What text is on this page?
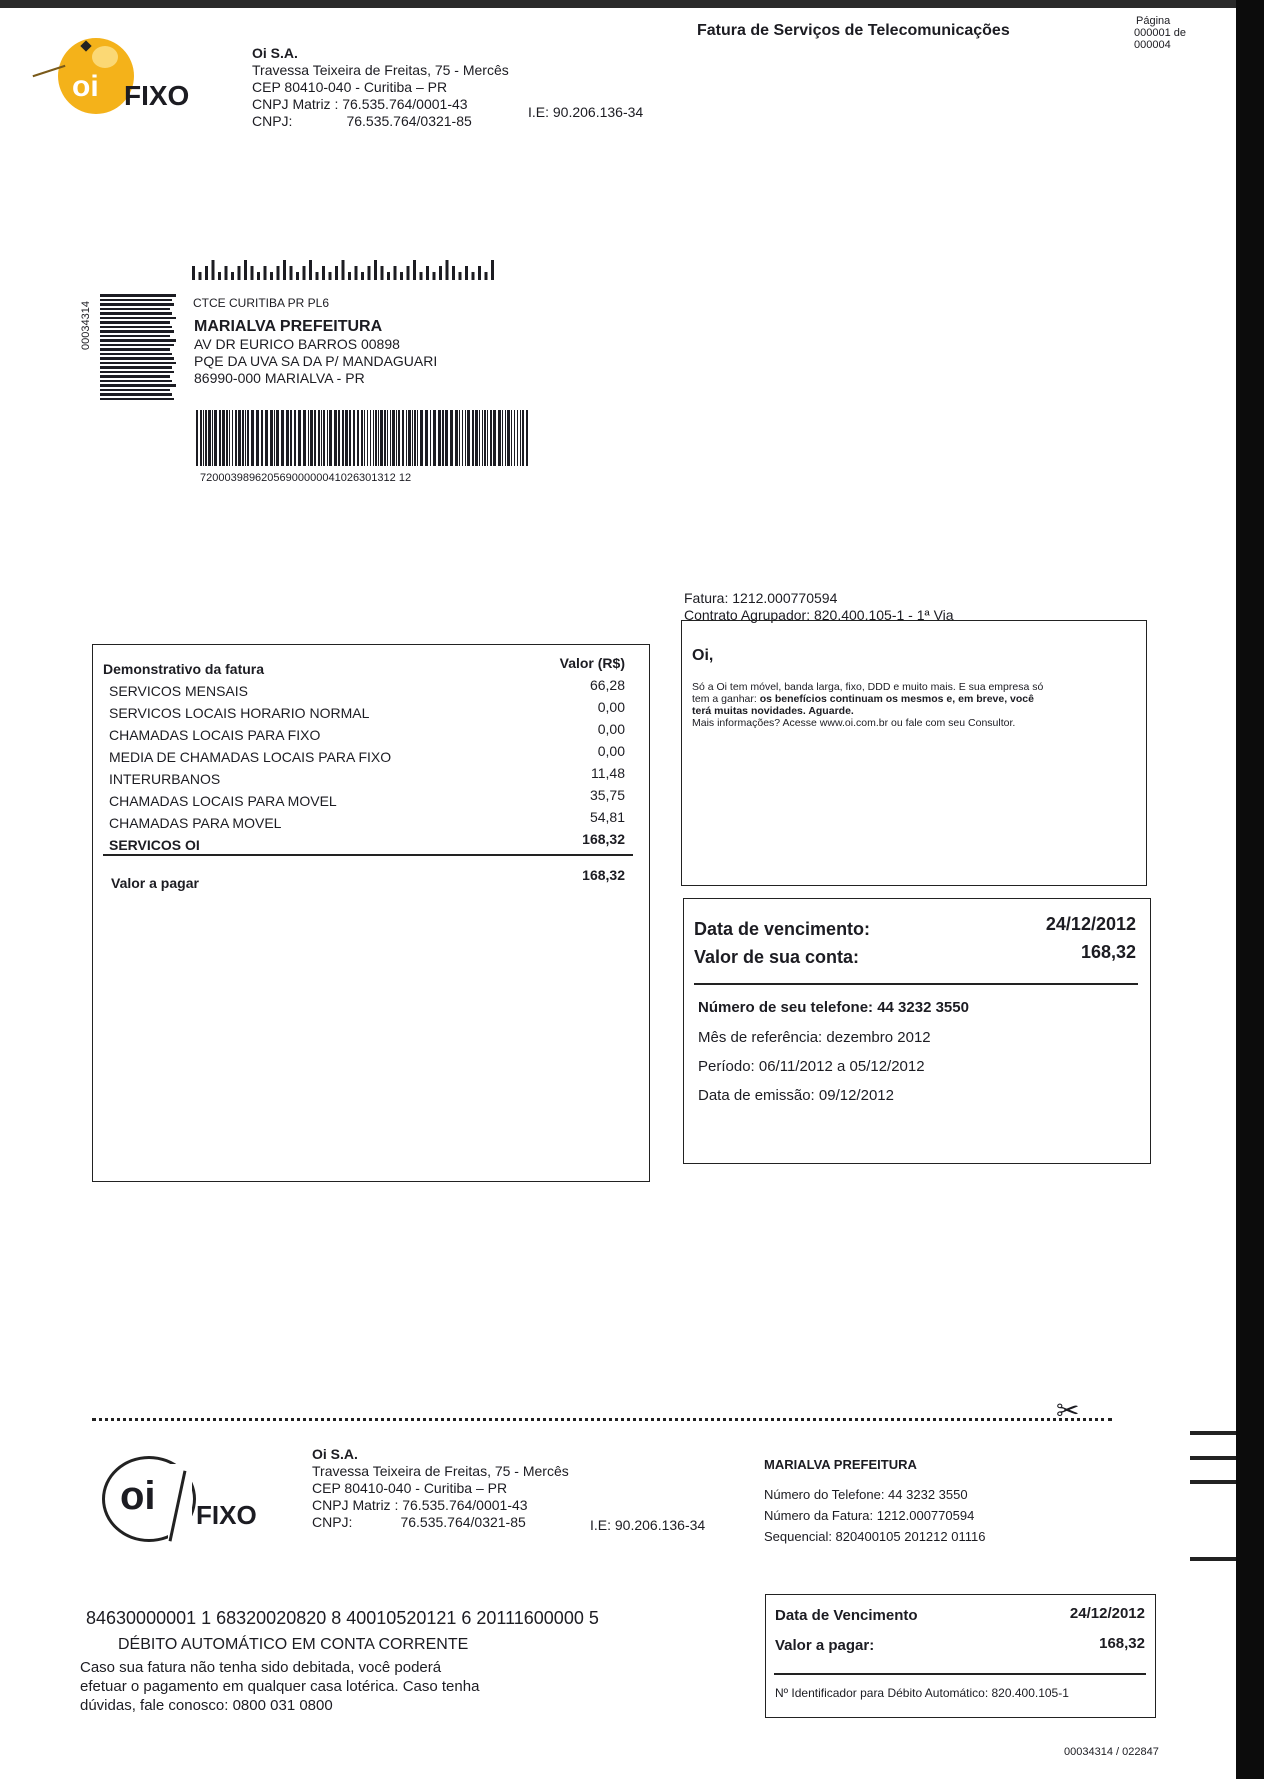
oi FIXO
Oi S.A.
Travessa Teixeira de Freitas, 75 - Mercês
CEP 80410-040 - Curitiba – PR
CNPJ Matriz : 76.535.764/0001-43
CNPJ:	76.535.764/0321-85
I.E: 90.206.136-34
Fatura de Serviços de Telecomunicações
Página
000001 de
000004
00034314	CTCE CURITIBA PR PL6
MARIALVA PREFEITURA
AV DR EURICO BARROS 00898
PQE DA UVA SA DA P/ MANDAGUARI
86990-000 MARIALVA - PR
72000398962056900000041026301312 12
Fatura: 1212.000770594
Contrato Agrupador: 820.400.105-1 - 1ª Via
Demonstrativo da fatura	Valor (R$)
SERVICOS MENSAIS	66,28
SERVICOS LOCAIS HORARIO NORMAL	0,00
CHAMADAS LOCAIS PARA FIXO	0,00
MEDIA DE CHAMADAS LOCAIS PARA FIXO	0,00
INTERURBANOS	11,48
CHAMADAS LOCAIS PARA MOVEL	35,75
CHAMADAS PARA MOVEL	54,81
SERVICOS OI	168,32
Valor a pagar	168,32
Oi,
Só a Oi tem móvel, banda larga, fixo, DDD e muito mais. E sua empresa só
tem a ganhar: os benefícios continuam os mesmos e, em breve, você
terá muitas novidades. Aguarde.
Mais informações? Acesse www.oi.com.br ou fale com seu Consultor.
Data de vencimento:	24/12/2012
Valor de sua conta:	168,32
Número de seu telefone: 44 3232 3550
Mês de referência: dezembro 2012
Período: 06/11/2012 a 05/12/2012
Data de emissão: 09/12/2012
✂
oi FIXO
Oi S.A.
Travessa Teixeira de Freitas, 75 - Mercês
CEP 80410-040 - Curitiba – PR
CNPJ Matriz : 76.535.764/0001-43
CNPJ:	76.535.764/0321-85	I.E: 90.206.136-34
MARIALVA PREFEITURA
Número do Telefone: 44 3232 3550
Número da Fatura: 1212.000770594
Sequencial: 820400105 201212 01116
84630000001 1 68320020820 8 40010520121 6 20111600000 5
DÉBITO AUTOMÁTICO EM CONTA CORRENTE
Caso sua fatura não tenha sido debitada, você poderá
efetuar o pagamento em qualquer casa lotérica. Caso tenha
dúvidas, fale conosco: 0800 031 0800
Data de Vencimento	24/12/2012
Valor a pagar:	168,32
Nº Identificador para Débito Automático: 820.400.105-1
00034314 / 022847
